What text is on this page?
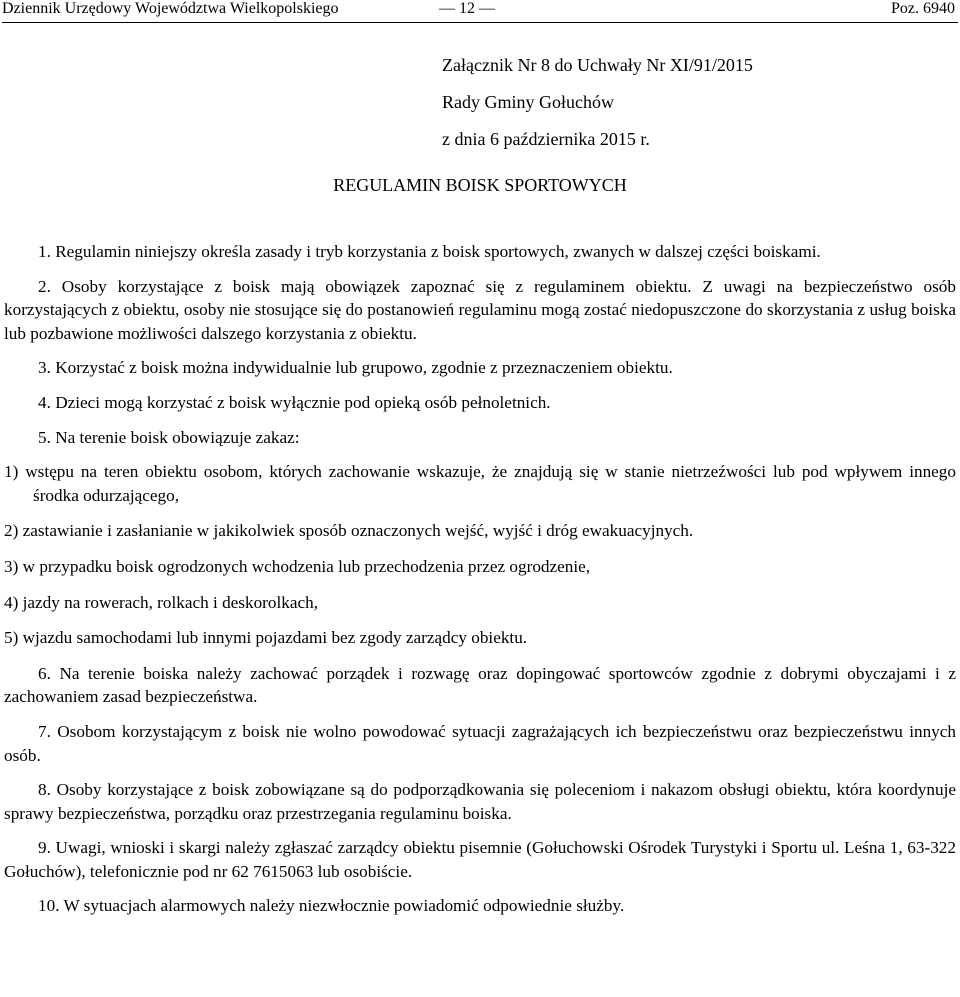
Dziennik Urzędowy Województwa Wielkopolskiego	— 12 —	Poz. 6940
Załącznik Nr 8 do Uchwały Nr XI/91/2015
Rady Gminy Gołuchów
z dnia 6 października 2015 r.
REGULAMIN BOISK SPORTOWYCH

1. Regulamin niniejszy określa zasady i tryb korzystania z boisk sportowych, zwanych w dalszej części boiskami.

2. Osoby korzystające z boisk mają obowiązek zapoznać się z regulaminem obiektu. Z uwagi na bezpieczeństwo osób korzystających z obiektu, osoby nie stosujące się do postanowień regulaminu mogą zostać niedopuszczone do skorzystania z usług boiska lub pozbawione możliwości dalszego korzystania z obiektu.

3. Korzystać z boisk można indywidualnie lub grupowo, zgodnie z przeznaczeniem obiektu.

4. Dzieci mogą korzystać z boisk wyłącznie pod opieką osób pełnoletnich.

5. Na terenie boisk obowiązuje zakaz:

1) wstępu na teren obiektu osobom, których zachowanie wskazuje, że znajdują się w stanie nietrzeźwości lub pod wpływem innego środka odurzającego,

2) zastawianie i zasłanianie w jakikolwiek sposób oznaczonych wejść, wyjść i dróg ewakuacyjnych.

3) w przypadku boisk ogrodzonych wchodzenia lub przechodzenia przez ogrodzenie,

4) jazdy na rowerach, rolkach i deskorolkach,

5) wjazdu samochodami lub innymi pojazdami bez zgody zarządcy obiektu.

6. Na terenie boiska należy zachować porządek i rozwagę oraz dopingować sportowców zgodnie z dobrymi obyczajami i z zachowaniem zasad bezpieczeństwa.

7. Osobom korzystającym z boisk nie wolno powodować sytuacji zagrażających ich bezpieczeństwu oraz bezpieczeństwu innych osób.

8. Osoby korzystające z boisk zobowiązane są do podporządkowania się poleceniom i nakazom obsługi obiektu, która koordynuje sprawy bezpieczeństwa, porządku oraz przestrzegania regulaminu boiska.

9. Uwagi, wnioski i skargi należy zgłaszać zarządcy obiektu pisemnie (Gołuchowski Ośrodek Turystyki i Sportu ul. Leśna 1, 63-322 Gołuchów), telefonicznie pod nr 62 7615063 lub osobiście.

10. W sytuacjach alarmowych należy niezwłocznie powiadomić odpowiednie służby.
